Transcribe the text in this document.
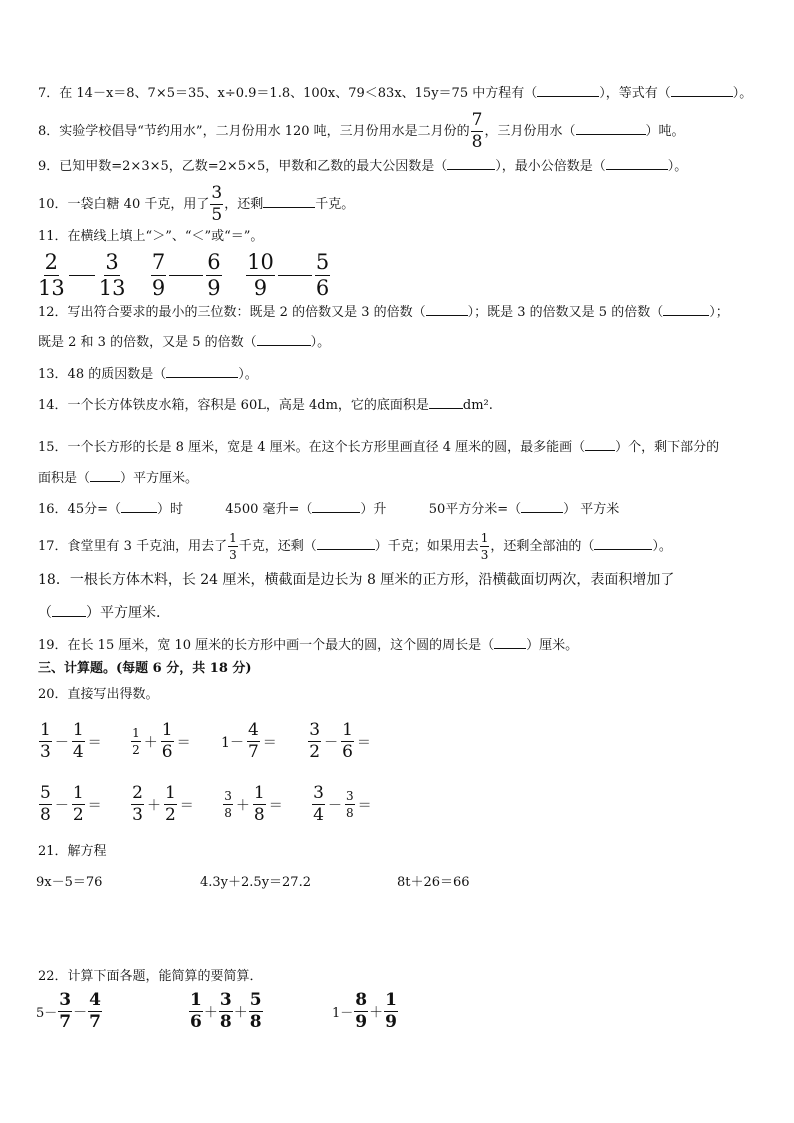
7．在 14－x＝8、7×5＝35、x÷0.9＝1.8、100x、79＜83x、15y＝75 中方程有（	），等式有（	）。
8．实验学校倡导“节约用水”，二月份用水 120 吨，三月份用水是二月份的 $\frac{7}{8}$ ，三月份用水（	）吨。
9．已知甲数=2×3×5，乙数=2×5×5，甲数和乙数的最大公因数是（	），最小公倍数是（	）。
10．一袋白糖 40 千克，用了 $\frac{3}{5}$ ，还剩	千克。
11．在横线上填上“＞”、“＜”或“＝”。
$\frac{2}{13} \frac{3}{13}$
$\frac{7}{9} \frac{6}{9}$
$\frac{10}{9} \frac{5}{6}$
12．写出符合要求的最小的三位数：既是 2 的倍数又是 3 的倍数（	）；既是 3 的倍数又是 5 的倍数（	）；
既是 2 和 3 的倍数，又是 5 的倍数（	）。
13．48 的质因数是（	）。
14．一个长方体铁皮水箱，容积是 60L，高是 4dm，它的底面积是	dm².
15．一个长方形的长是 8 厘米，宽是 4 厘米。在这个长方形里画直径 4 厘米的圆，最多能画（ ）个，剩下部分的
面积是（ ）平方厘米。
16．45分=（	）时	4500 毫升=（	）升	50平方分米=（	） 平方米
17．食堂里有 3 千克油，用去了 $\frac{1}{3}$ 千克，还剩（	）千克；如果用去 $\frac{1}{3}$ ，还剩全部油的（	）。
18．一根长方体木料，长 24 厘米，横截面是边长为 8 厘米的正方形，沿横截面切两次，表面积增加了
（ ）平方厘米.
19．在长 15 厘米，宽 10 厘米的长方形中画一个最大的圆，这个圆的周长是（ ）厘米。
三、计算题。(每题 6 分，共 18 分)
20．直接写出得数。
$\frac{1}{3} - \frac{1}{4} = \frac{1}{2} + \frac{1}{6} = 1- \frac{4}{7} = \frac{3}{2} - \frac{1}{6}$ ＝
$\frac{5}{8} - \frac{1}{2} = \frac{2}{3} + \frac{1}{2} = \frac{3}{8} + \frac{1}{8} = \frac{3}{4} - \frac{3}{8}$ ＝
21．解方程
9x－5＝76	4.3y＋2.5y＝27.2	8t＋26＝66
22．计算下面各题，能简算的要简算．
$5- \frac{3}{7} - \frac{4}{7}$	$\frac{1}{6} + \frac{3}{8} + \frac{5}{8}$	$1- \frac{8}{9} + \frac{1}{9}$
